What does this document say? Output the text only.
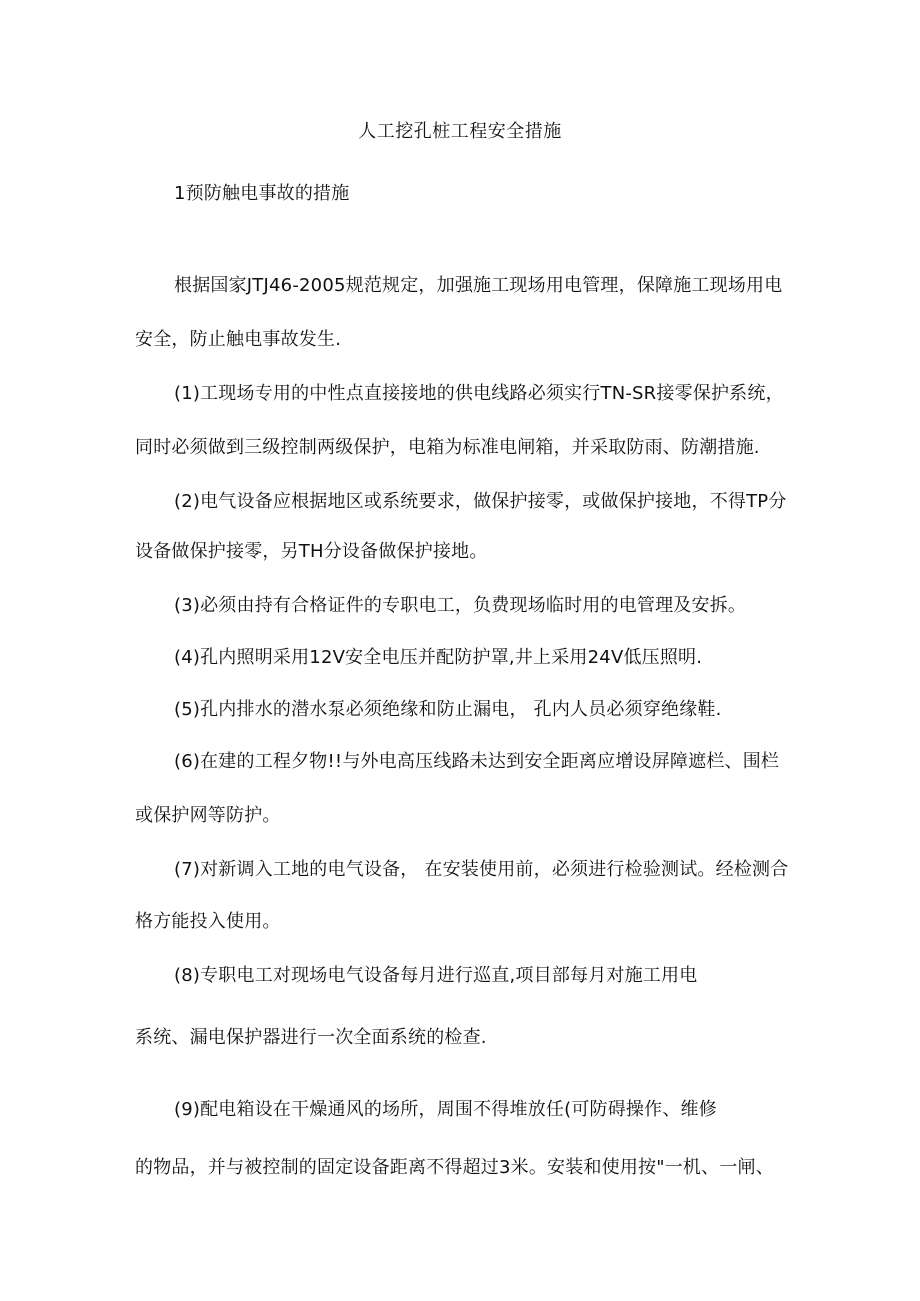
人工挖孔桩工程安全措施
1预防触电事故的措施
根据国家JTJ46-2005规范规定，加强施工现场用电管理，保障施工现场用电
安全，防止触电事故发生.
(1)工现场专用的中性点直接接地的供电线路必须实行TN-SR接零保护系统，
同时必须做到三级控制两级保护，电箱为标准电闸箱，并采取防雨、防潮措施.
(2)电气设备应根据地区或系统要求，做保护接零，或做保护接地，不得TP分
设备做保护接零，另TH分设备做保护接地。
(3)必须由持有合格证件的专职电工，负费现场临时用的电管理及安拆。
(4)孔内照明采用12V安全电压并配防护罩,井上采用24V低压照明.
(5)孔内排水的潜水泵必须绝缘和防止漏电， 孔内人员必须穿绝缘鞋.
(6)在建的工程夕物!!与外电高压线路未达到安全距离应增设屏障遮栏、围栏
或保护网等防护。
(7)对新调入工地的电气设备， 在安装使用前，必须进行检验测试。经检测合
格方能投入使用。
(8)专职电工对现场电气设备每月进行巡直,项目部每月对施工用电
系统、漏电保护器进行一次全面系统的检查.
(9)配电箱设在干燥通风的场所，周围不得堆放任(可防碍操作、维修
的物品，并与被控制的固定设备距离不得超过3米。安装和使用按"一机、一闸、
